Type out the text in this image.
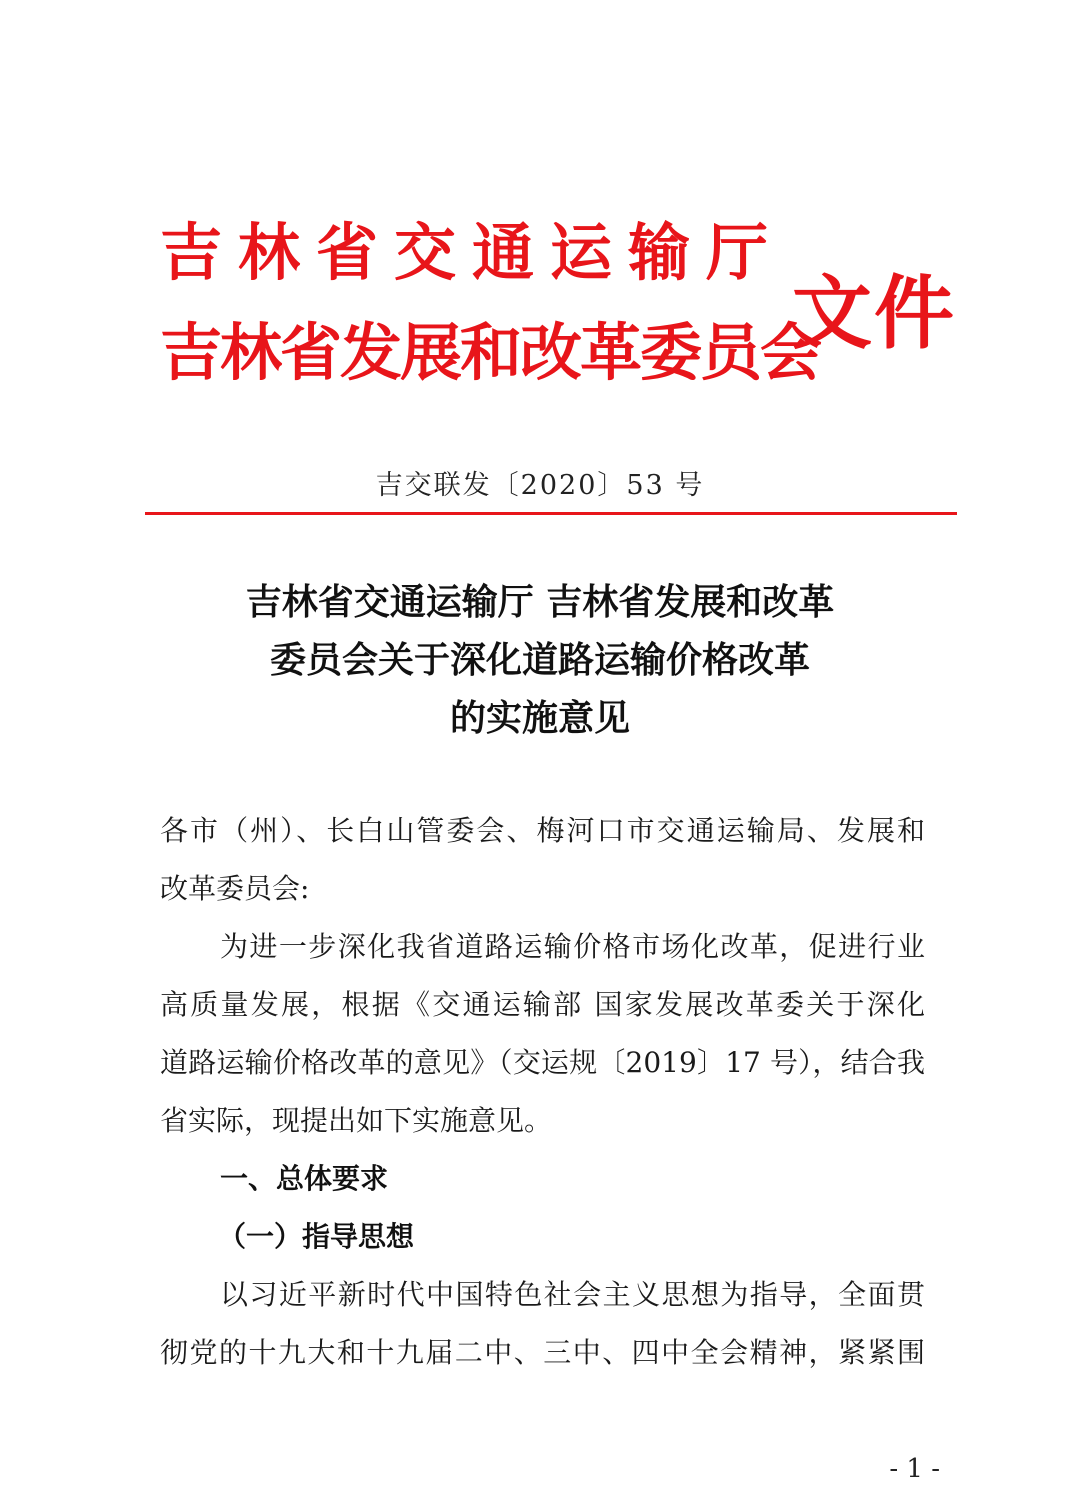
吉林省交通运输厅
吉林省发展和改革委员会
文件
吉交联发〔2020〕53 号
吉林省交通运输厅 吉林省发展和改革
委员会关于深化道路运输价格改革
的实施意见
各市（州）、长白山管委会、梅河口市交通运输局、发展和
改革委员会:
为进一步深化我省道路运输价格市场化改革，促进行业
高质量发展，根据《交通运输部 国家发展改革委关于深化
道路运输价格改革的意见》（交运规〔2019〕17 号），结合我
省实际，现提出如下实施意见。
一、总体要求
（一）指导思想
以习近平新时代中国特色社会主义思想为指导，全面贯
彻党的十九大和十九届二中、三中、四中全会精神，紧紧围
- 1 -
